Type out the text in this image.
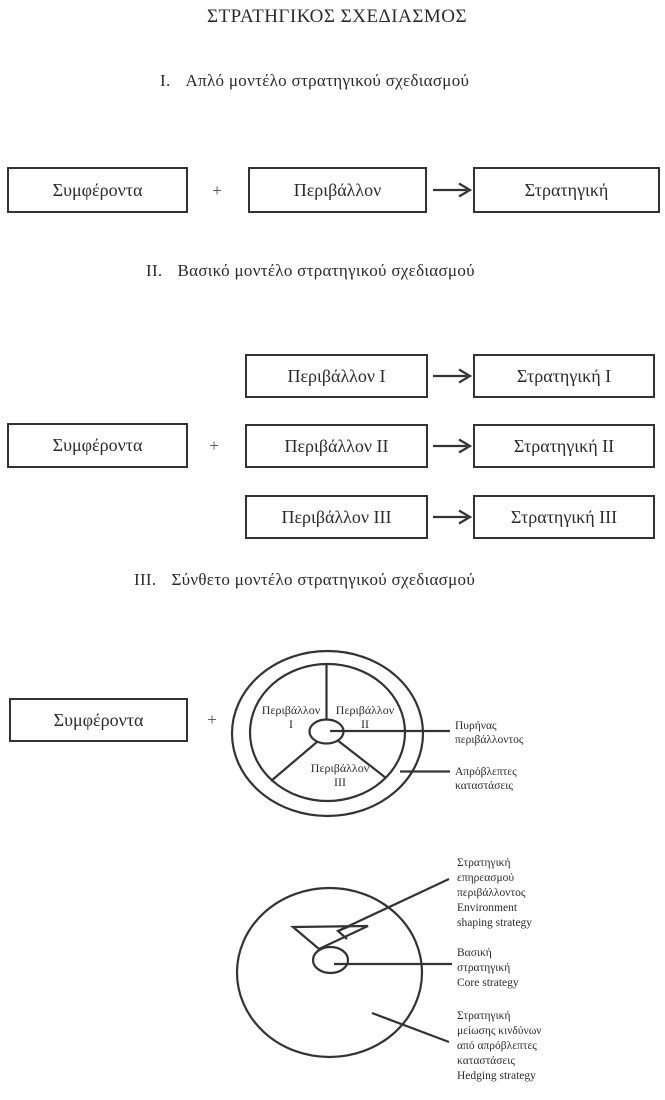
ΣΤΡΑΤΗΓΙΚΟΣ ΣΧΕΔΙΑΣΜΟΣ
I. Απλό μοντέλο στρατηγικού σχεδιασμού
Συμφέροντα	+	Περιβάλλον	Στρατηγική
II. Βασικό μοντέλο στρατηγικού σχεδιασμού
Συμφέροντα	+
Περιβάλλον I	Στρατηγική I
Περιβάλλον II	Στρατηγική II
Περιβάλλον III	Στρατηγική III
III. Σύνθετο μοντέλο στρατηγικού σχεδιασμού
Συμφέροντα	+	Περιβάλλον
I
Περιβάλλον
II
Περιβάλλον
III
Πυρήνας
περιβάλλοντος
Απρόβλεπτες
καταστάσεις
Στρατηγική
επηρεασμού
περιβάλλοντος
Environment
shaping strategy
Βασική
στρατηγική
Core strategy
Στρατηγική
μείωσης κινδύνων
από απρόβλεπτες
καταστάσεις
Hedging strategy
